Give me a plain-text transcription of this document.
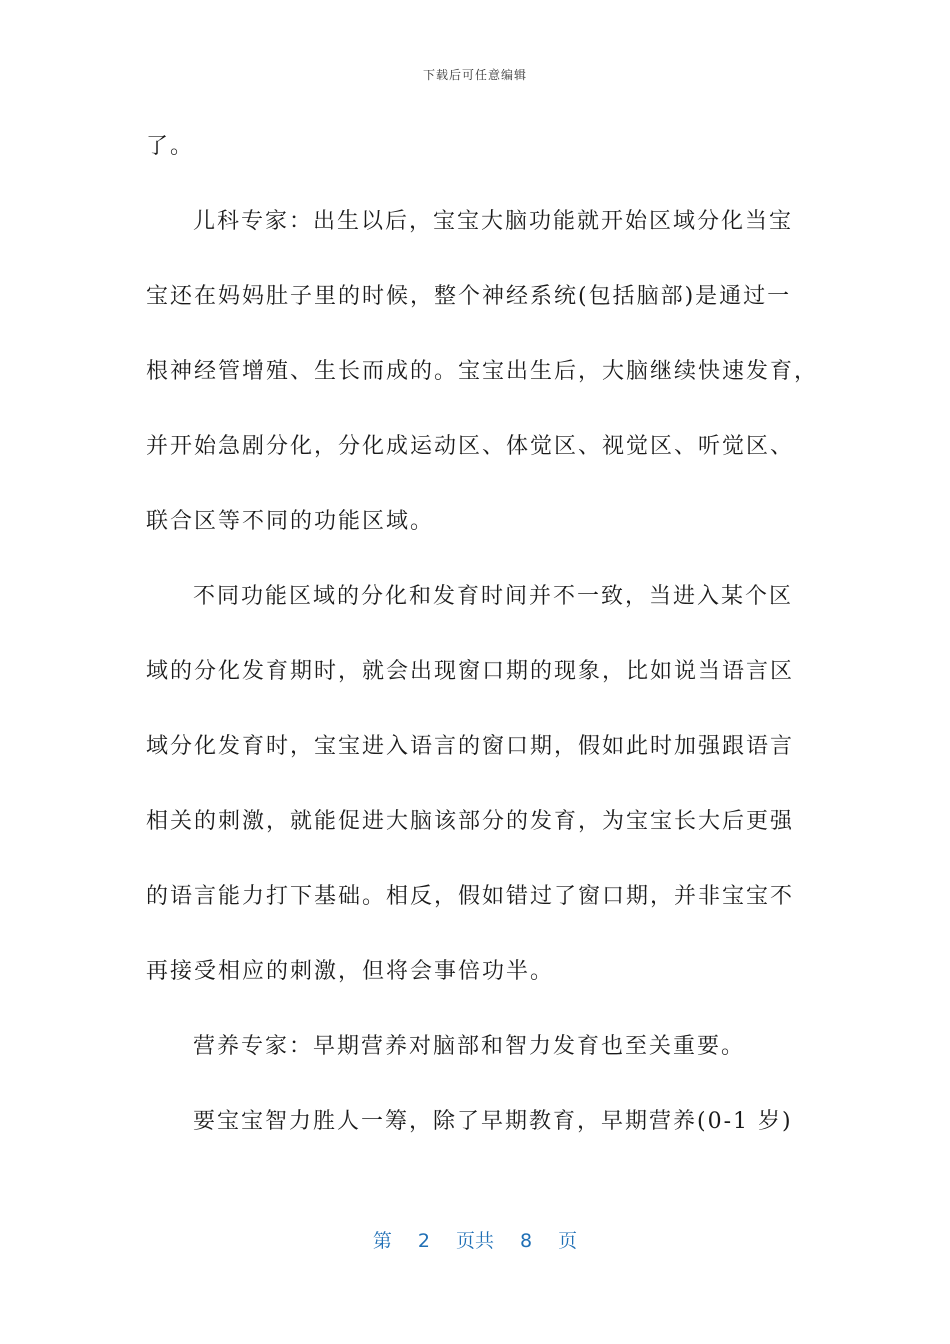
下载后可任意编辑
了。
儿科专家：出生以后，宝宝大脑功能就开始区域分化当宝
宝还在妈妈肚子里的时候，整个神经系统(包括脑部)是通过一
根神经管增殖、生长而成的。宝宝出生后，大脑继续快速发育，
并开始急剧分化，分化成运动区、体觉区、视觉区、听觉区、
联合区等不同的功能区域。
不同功能区域的分化和发育时间并不一致，当进入某个区
域的分化发育期时，就会出现窗口期的现象，比如说当语言区
域分化发育时，宝宝进入语言的窗口期，假如此时加强跟语言
相关的刺激，就能促进大脑该部分的发育，为宝宝长大后更强
的语言能力打下基础。相反，假如错过了窗口期，并非宝宝不
再接受相应的刺激，但将会事倍功半。
营养专家：早期营养对脑部和智力发育也至关重要。
要宝宝智力胜人一筹，除了早期教育，早期营养(0-1 岁)
第 2 页共 8 页
